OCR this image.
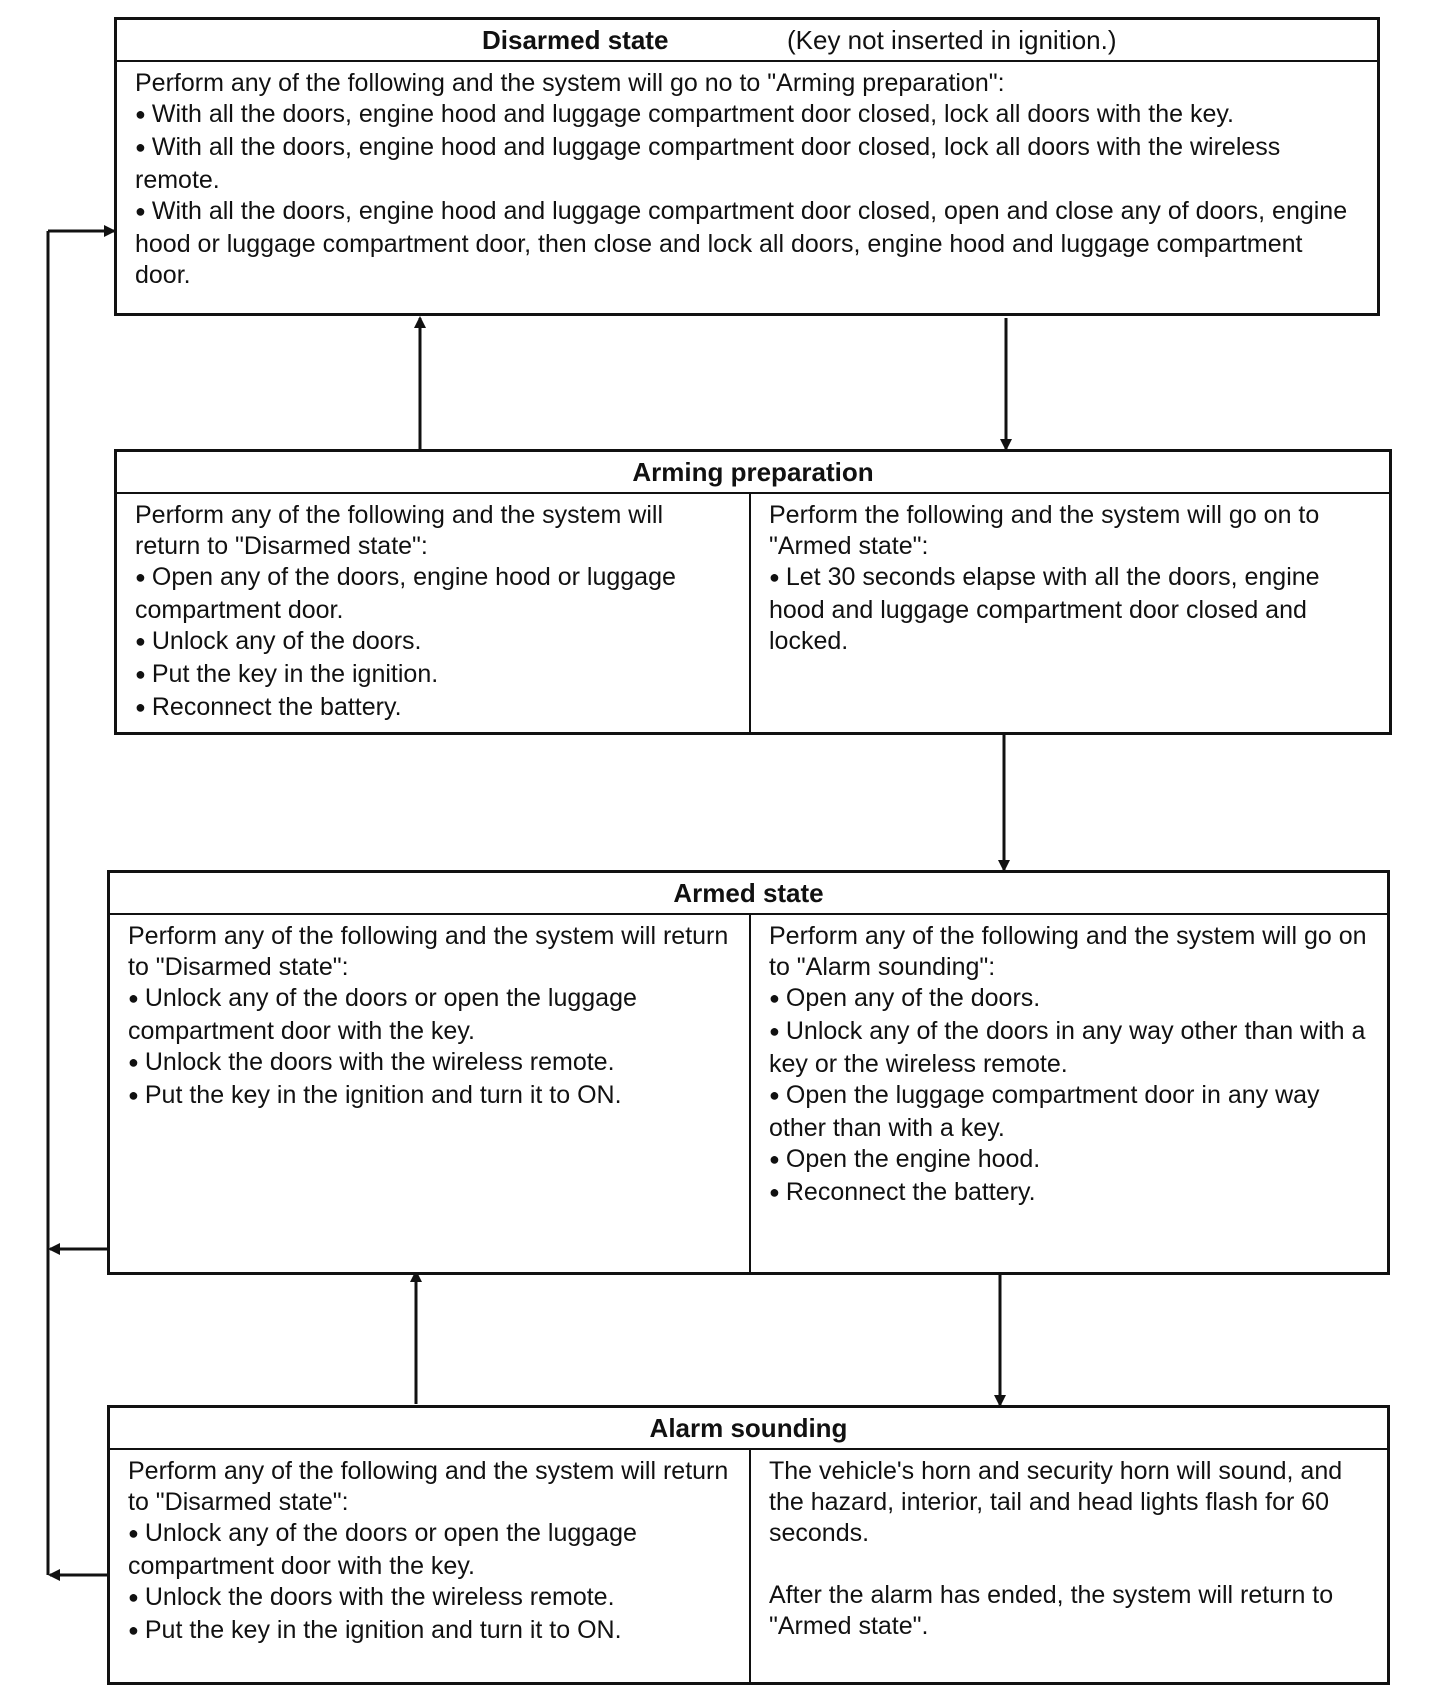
Disarmed state	(Key not inserted in ignition.)
Perform any of the following and the system will go no to "Arming preparation":
● With all the doors, engine hood and luggage compartment door closed, lock all doors with the key.
● With all the doors, engine hood and luggage compartment door closed, lock all doors with the wireless remote.
● With all the doors, engine hood and luggage compartment door closed, open and close any of doors, engine hood or luggage compartment door, then close and lock all doors, engine hood and luggage compartment door.
Arming preparation
Perform any of the following and the system will return to "Disarmed state":
● Open any of the doors, engine hood or luggage compartment door.
● Unlock any of the doors.
● Put the key in the ignition.
● Reconnect the battery.
Perform the following and the system will go on to "Armed state":
● Let 30 seconds elapse with all the doors, engine hood and luggage compartment door closed and locked.
Armed state
Perform any of the following and the system will return to "Disarmed state":
● Unlock any of the doors or open the luggage compartment door with the key.
● Unlock the doors with the wireless remote.
● Put the key in the ignition and turn it to ON.
Perform any of the following and the system will go on to "Alarm sounding":
● Open any of the doors.
● Unlock any of the doors in any way other than with a key or the wireless remote.
● Open the luggage compartment door in any way other than with a key.
● Open the engine hood.
● Reconnect the battery.
Alarm sounding
Perform any of the following and the system will return to "Disarmed state":
● Unlock any of the doors or open the luggage compartment door with the key.
● Unlock the doors with the wireless remote.
● Put the key in the ignition and turn it to ON.
The vehicle's horn and security horn will sound, and the hazard, interior, tail and head lights flash for 60 seconds.
After the alarm has ended, the system will return to "Armed state".
